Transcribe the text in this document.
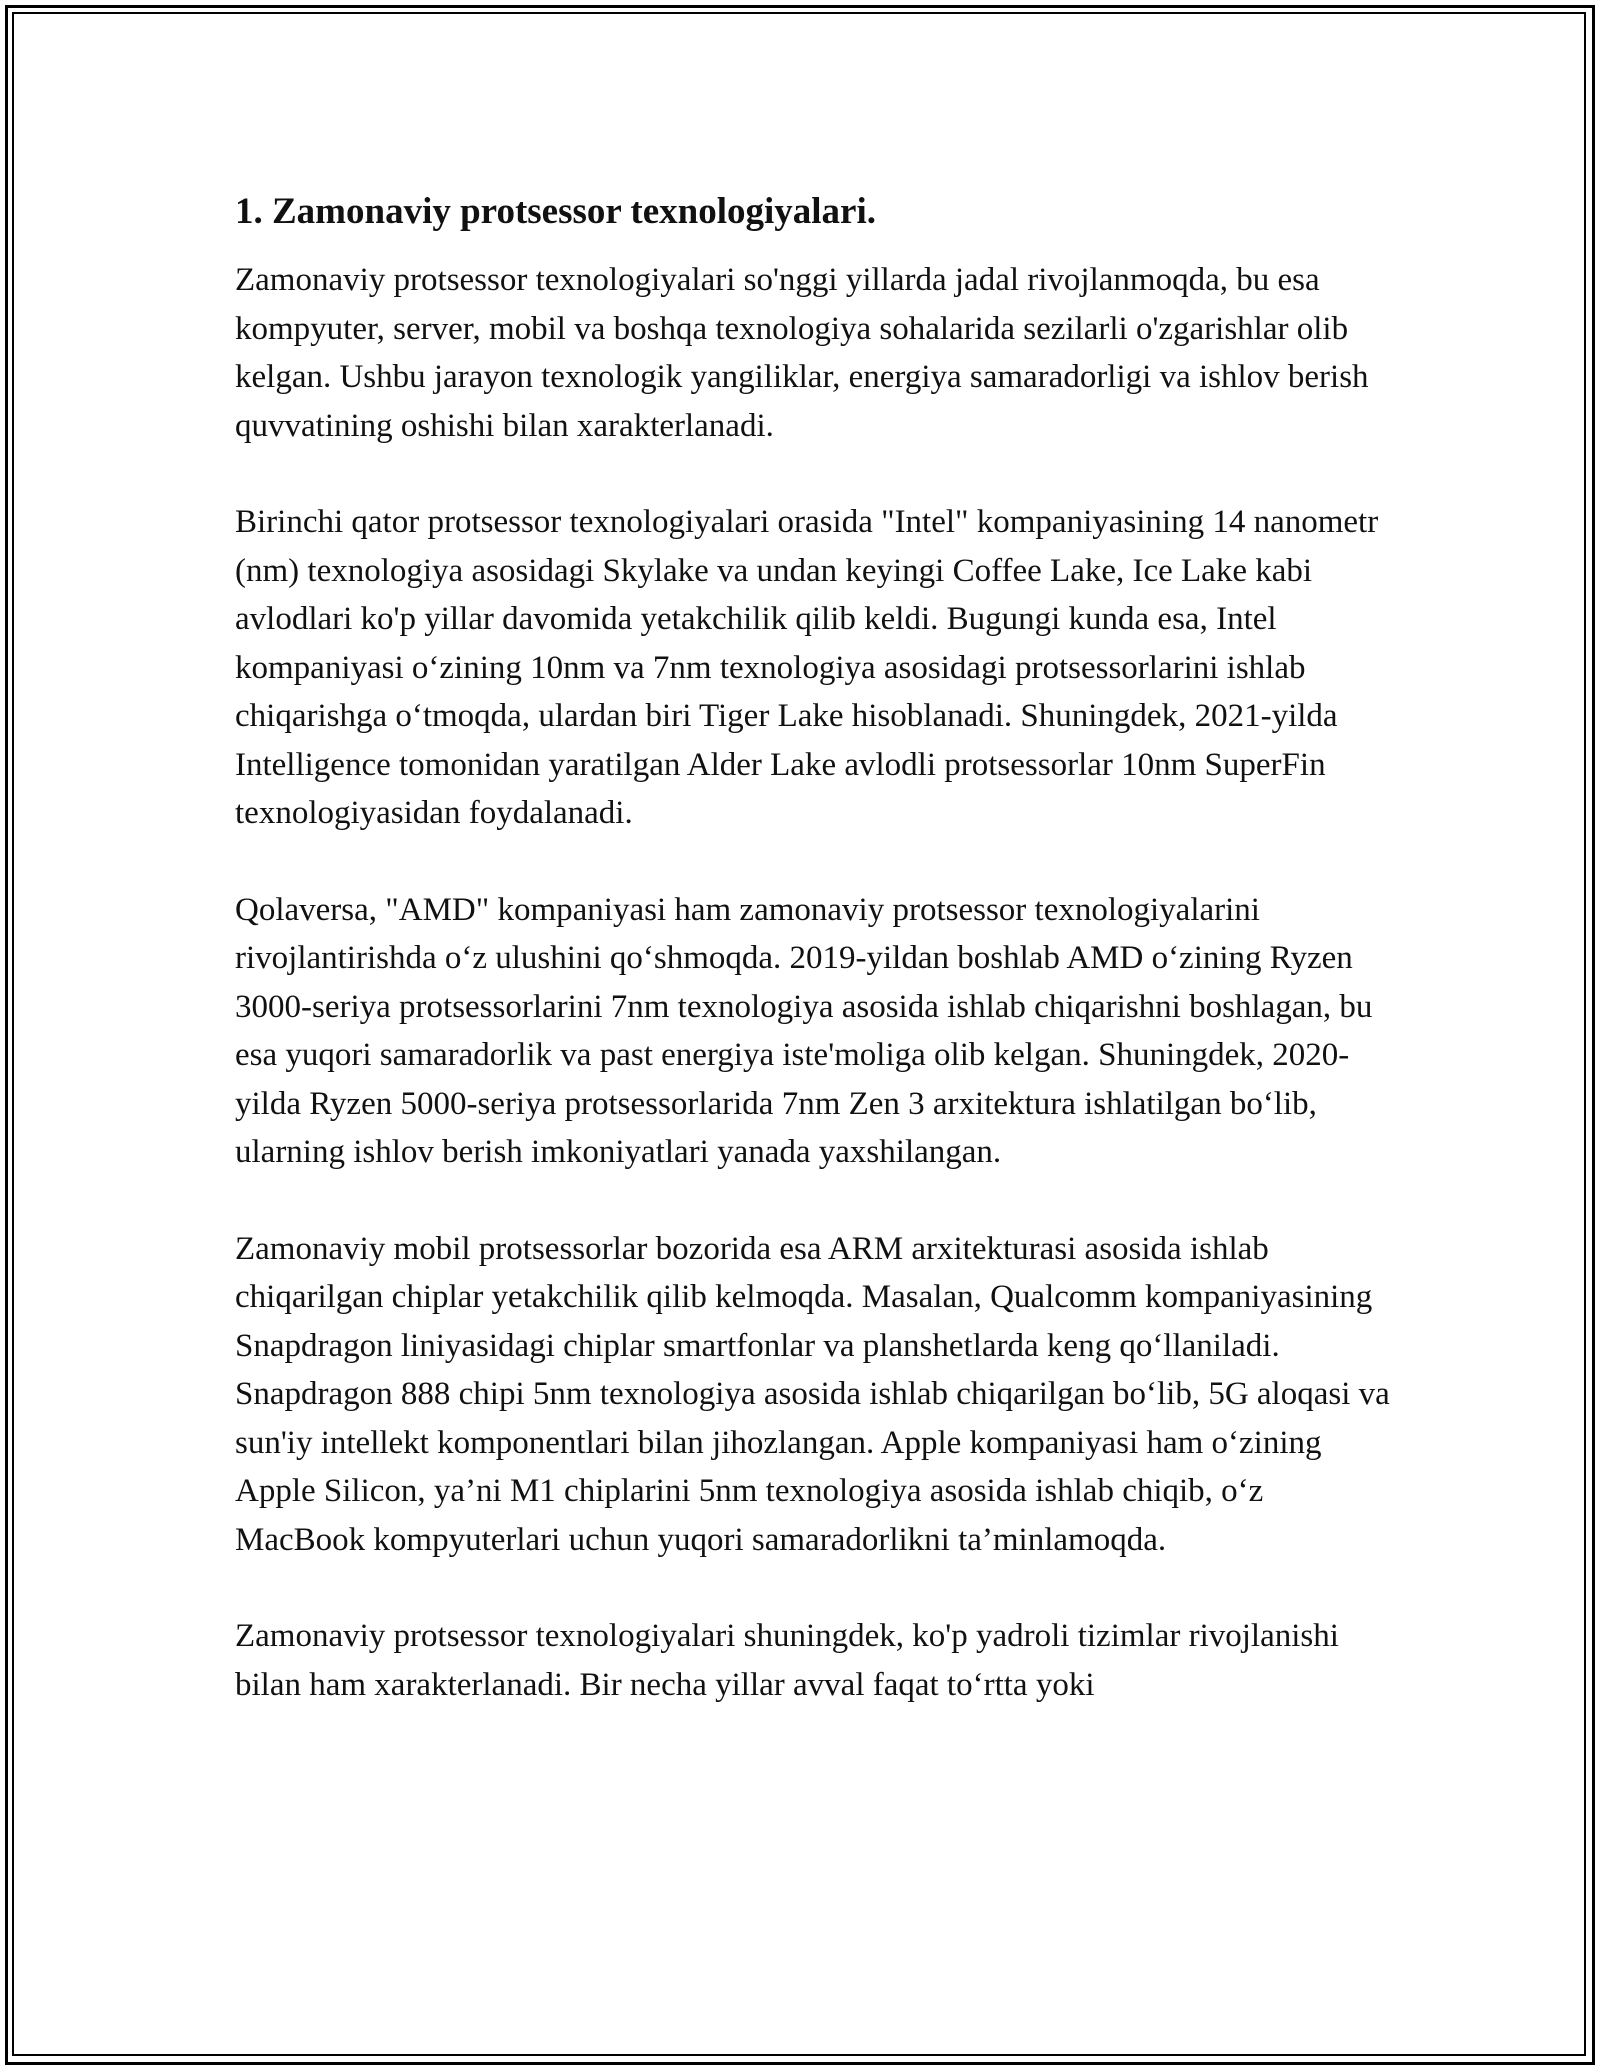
1. Zamonaviy protsessor texnologiyalari.

Zamonaviy protsessor texnologiyalari so'nggi yillarda jadal rivojlanmoqda, bu esa kompyuter, server, mobil va boshqa texnologiya sohalarida sezilarli o'zgarishlar olib kelgan. Ushbu jarayon texnologik yangiliklar, energiya samaradorligi va ishlov berish quvvatining oshishi bilan xarakterlanadi.

Birinchi qator protsessor texnologiyalari orasida "Intel" kompaniyasining 14 nanometr (nm) texnologiya asosidagi Skylake va undan keyingi Coffee Lake, Ice Lake kabi avlodlari ko'p yillar davomida yetakchilik qilib keldi. Bugungi kunda esa, Intel kompaniyasi o‘zining 10nm va 7nm texnologiya asosidagi protsessorlarini ishlab chiqarishga o‘tmoqda, ulardan biri Tiger Lake hisoblanadi. Shuningdek, 2021-yilda Intelligence tomonidan yaratilgan Alder Lake avlodli protsessorlar 10nm SuperFin texnologiyasidan foydalanadi.

Qolaversa, "AMD" kompaniyasi ham zamonaviy protsessor texnologiyalarini rivojlantirishda o‘z ulushini qo‘shmoqda. 2019-yildan boshlab AMD o‘zining Ryzen 3000-seriya protsessorlarini 7nm texnologiya asosida ishlab chiqarishni boshlagan, bu esa yuqori samaradorlik va past energiya iste'moliga olib kelgan. Shuningdek, 2020-yilda Ryzen 5000-seriya protsessorlarida 7nm Zen 3 arxitektura ishlatilgan bo‘lib, ularning ishlov berish imkoniyatlari yanada yaxshilangan.

Zamonaviy mobil protsessorlar bozorida esa ARM arxitekturasi asosida ishlab chiqarilgan chiplar yetakchilik qilib kelmoqda. Masalan, Qualcomm kompaniyasining Snapdragon liniyasidagi chiplar smartfonlar va planshetlarda keng qo‘llaniladi. Snapdragon 888 chipi 5nm texnologiya asosida ishlab chiqarilgan bo‘lib, 5G aloqasi va sun'iy intellekt komponentlari bilan jihozlangan. Apple kompaniyasi ham o‘zining Apple Silicon, ya’ni M1 chiplarini 5nm texnologiya asosida ishlab chiqib, o‘z MacBook kompyuterlari uchun yuqori samaradorlikni ta’minlamoqda.

Zamonaviy protsessor texnologiyalari shuningdek, ko'p yadroli tizimlar rivojlanishi bilan ham xarakterlanadi. Bir necha yillar avval faqat to‘rtta yoki
